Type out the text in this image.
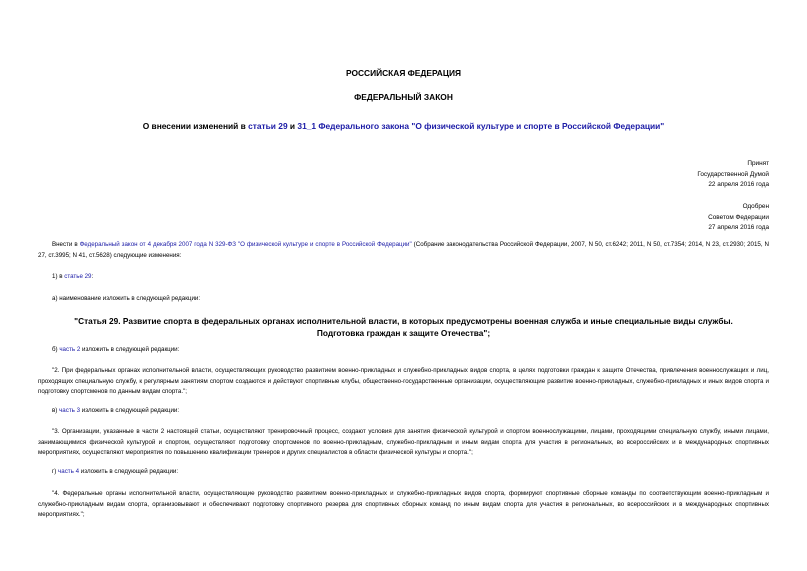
РОССИЙСКАЯ ФЕДЕРАЦИЯ
ФЕДЕРАЛЬНЫЙ ЗАКОН
О внесении изменений в статьи 29 и 31_1 Федерального закона "О физической культуре и спорте в Российской Федерации"
Принят
Государственной Думой
22 апреля 2016 года
Одобрен
Советом Федерации
27 апреля 2016 года
Внести в Федеральный закон от 4 декабря 2007 года N 329-ФЗ "О физической культуре и спорте в Российской Федерации" (Собрание законодательства Российской Федерации, 2007, N 50, ст.6242; 2011, N 50, ст.7354; 2014, N 23, ст.2930; 2015, N 27, ст.3995; N 41, ст.5628) следующие изменения:
1) в статье 29:
а) наименование изложить в следующей редакции:
"Статья 29. Развитие спорта в федеральных органах исполнительной власти, в которых предусмотрены военная служба и иные специальные виды службы.
Подготовка граждан к защите Отечества";
б) часть 2 изложить в следующей редакции:
"2. При федеральных органах исполнительной власти, осуществляющих руководство развитием военно-прикладных и служебно-прикладных видов спорта, в целях подготовки граждан к защите Отечества, привлечения военнослужащих и лиц, проходящих специальную службу, к регулярным занятиям спортом создаются и действуют спортивные клубы, общественно-государственные организации, осуществляющие развитие военно-прикладных, служебно-прикладных и иных видов спорта и подготовку спортсменов по данным видам спорта.";
в) часть 3 изложить в следующей редакции:
"3. Организации, указанные в части 2 настоящей статьи, осуществляют тренировочный процесс, создают условия для занятия физической культурой и спортом военнослужащими, лицами, проходящими специальную службу, иными лицами, занимающимися физической культурой и спортом, осуществляют подготовку спортсменов по военно-прикладным, служебно-прикладным и иным видам спорта для участия в региональных, во всероссийских и в международных спортивных мероприятиях, осуществляют мероприятия по повышению квалификации тренеров и других специалистов в области физической культуры и спорта.";
г) часть 4 изложить в следующей редакции:
"4. Федеральные органы исполнительной власти, осуществляющие руководство развитием военно-прикладных и служебно-прикладных видов спорта, формируют спортивные сборные команды по соответствующим военно-прикладным и служебно-прикладным видам спорта, организовывают и обеспечивают подготовку спортивного резерва для спортивных сборных команд по иным видам спорта для участия в региональных, во всероссийских и в международных спортивных мероприятиях.";
